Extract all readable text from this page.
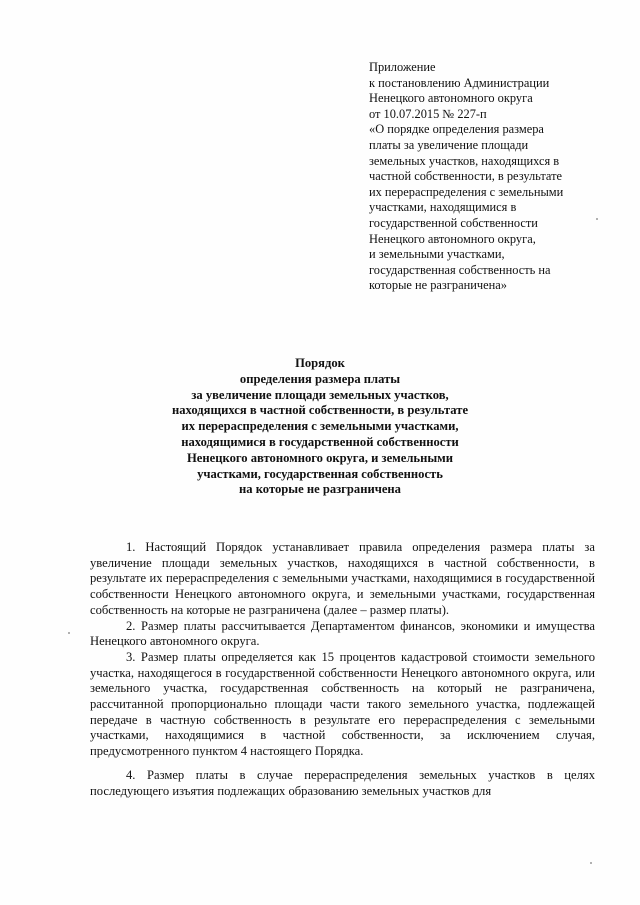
Приложение
к постановлению Администрации
Ненецкого автономного округа
от 10.07.2015 № 227-п
«О порядке определения размера
платы за увеличение площади
земельных участков, находящихся в
частной собственности, в результате
их перераспределения с земельными
участками, находящимися в
государственной собственности
Ненецкого автономного округа,
и земельными участками,
государственная собственность на
которые не разграничена»
Порядок
определения размера платы
за увеличение площади земельных участков,
находящихся в частной собственности, в результате
их перераспределения с земельными участками,
находящимися в государственной собственности
Ненецкого автономного округа, и земельными
участками, государственная собственность
на которые не разграничена

1. Настоящий Порядок устанавливает правила определения размера платы за увеличение площади земельных участков, находящихся в частной собственности, в результате их перераспределения с земельными участками, находящимися в государственной собственности Ненецкого автономного округа, и земельными участками, государственная собственность на которые не разграничена (далее – размер платы).

2. Размер платы рассчитывается Департаментом финансов, экономики и имущества Ненецкого автономного округа.

3. Размер платы определяется как 15 процентов кадастровой стоимости земельного участка, находящегося в государственной собственности Ненецкого автономного округа, или земельного участка, государственная собственность на который не разграничена, рассчитанной пропорционально площади части такого земельного участка, подлежащей передаче в частную собственность в результате его перераспределения с земельными участками, находящимися в частной собственности, за исключением случая, предусмотренного пунктом 4 настоящего Порядка.

4. Размер платы в случае перераспределения земельных участков в целях последующего изъятия подлежащих образованию земельных участков для
